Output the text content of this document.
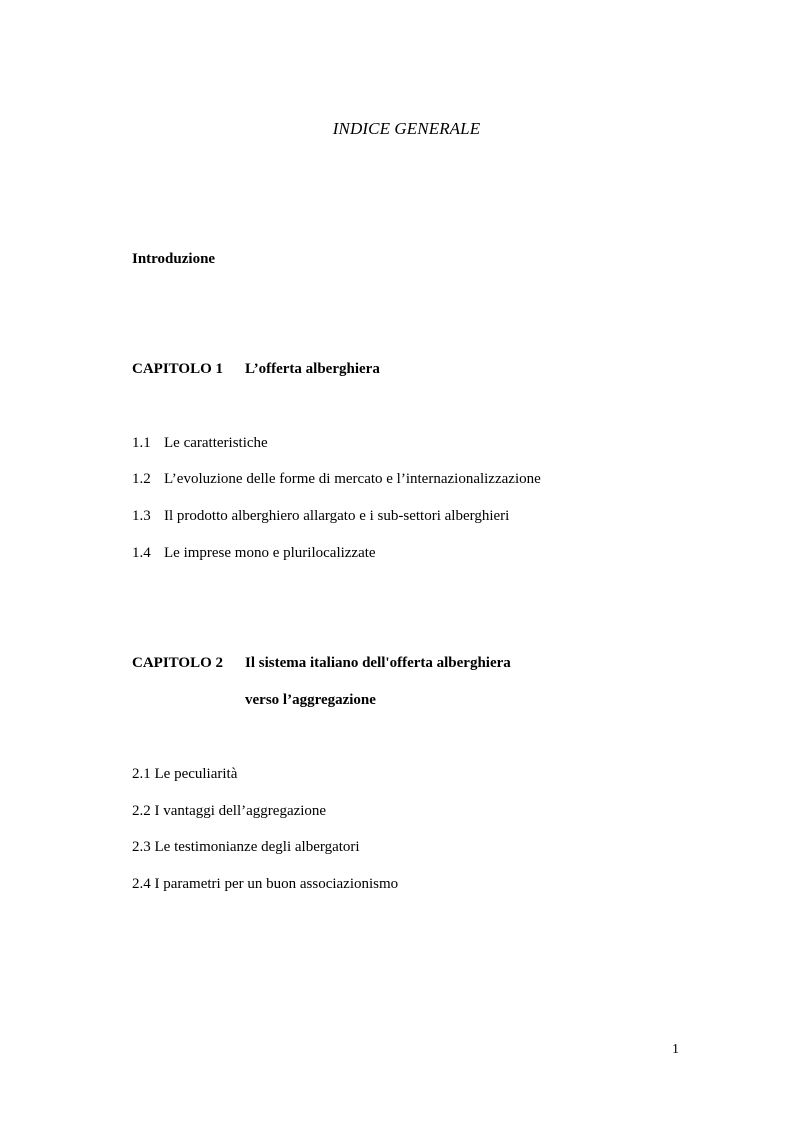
INDICE GENERALE
Introduzione
CAPITOLO 1 L’offerta alberghiera
1.1 Le caratteristiche
1.2 L’evoluzione delle forme di mercato e l’internazionalizzazione
1.3 Il prodotto alberghiero allargato e i sub-settori alberghieri
1.4 Le imprese mono e plurilocalizzate
CAPITOLO 2 Il sistema italiano dell'offerta alberghiera
verso l’aggregazione
2.1 Le peculiarità
2.2 I vantaggi dell’aggregazione
2.3 Le testimonianze degli albergatori
2.4 I parametri per un buon associazionismo
1
